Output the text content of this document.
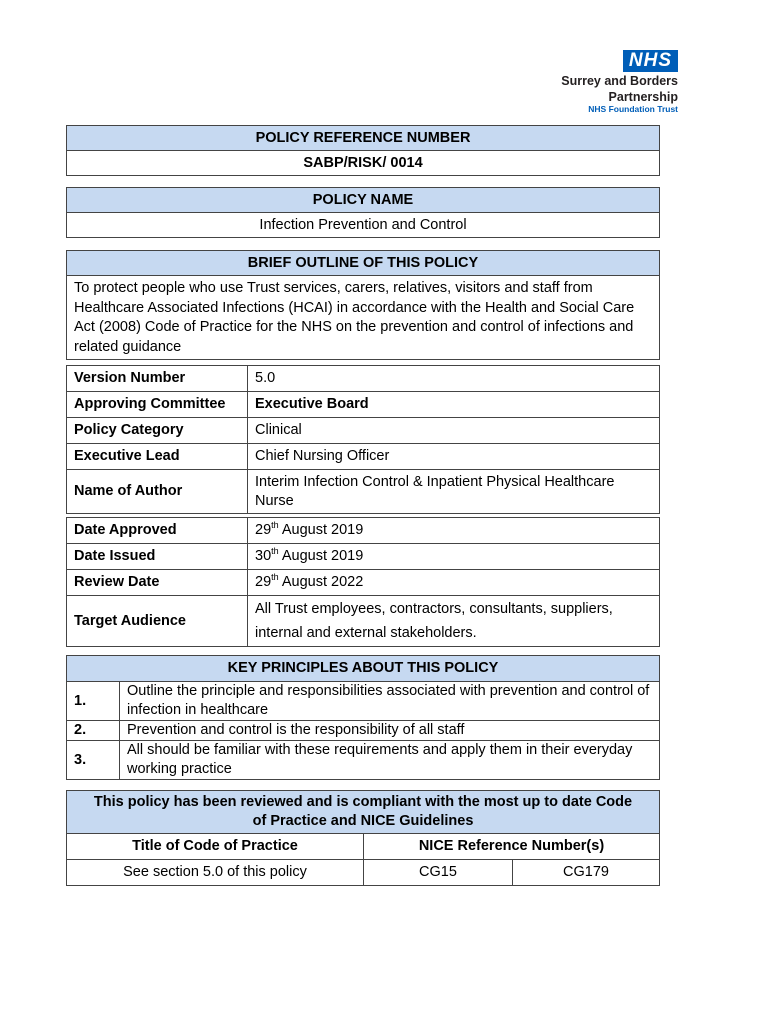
NHS
Surrey and Borders
Partnership
NHS Foundation Trust
POLICY REFERENCE NUMBER
SABP/RISK/ 0014
POLICY NAME
Infection Prevention and Control
BRIEF OUTLINE OF THIS POLICY
To protect people who use Trust services, carers, relatives, visitors and staff from Healthcare Associated Infections (HCAI) in accordance with the Health and Social Care Act (2008) Code of Practice for the NHS on the prevention and control of infections and related guidance
Version Number	5.0
Approving Committee	Executive Board
Policy Category	Clinical
Executive Lead	Chief Nursing Officer
Name of Author	Interim Infection Control & Inpatient Physical Healthcare Nurse
Date Approved	29th August 2019
Date Issued	30th August 2019
Review Date	29th August 2022
Target Audience	All Trust employees, contractors, consultants, suppliers, internal and external stakeholders.
KEY PRINCIPLES ABOUT THIS POLICY	
1.	Outline the principle and responsibilities associated with prevention and control of infection in healthcare
2.	Prevention and control is the responsibility of all staff
3.	All should be familiar with these requirements and apply them in their everyday working practice
This policy has been reviewed and is compliant with the most up to date Code of Practice and NICE Guidelines		
Title of Code of Practice	NICE Reference Number(s)	
See section 5.0 of this policy	CG15	CG179
